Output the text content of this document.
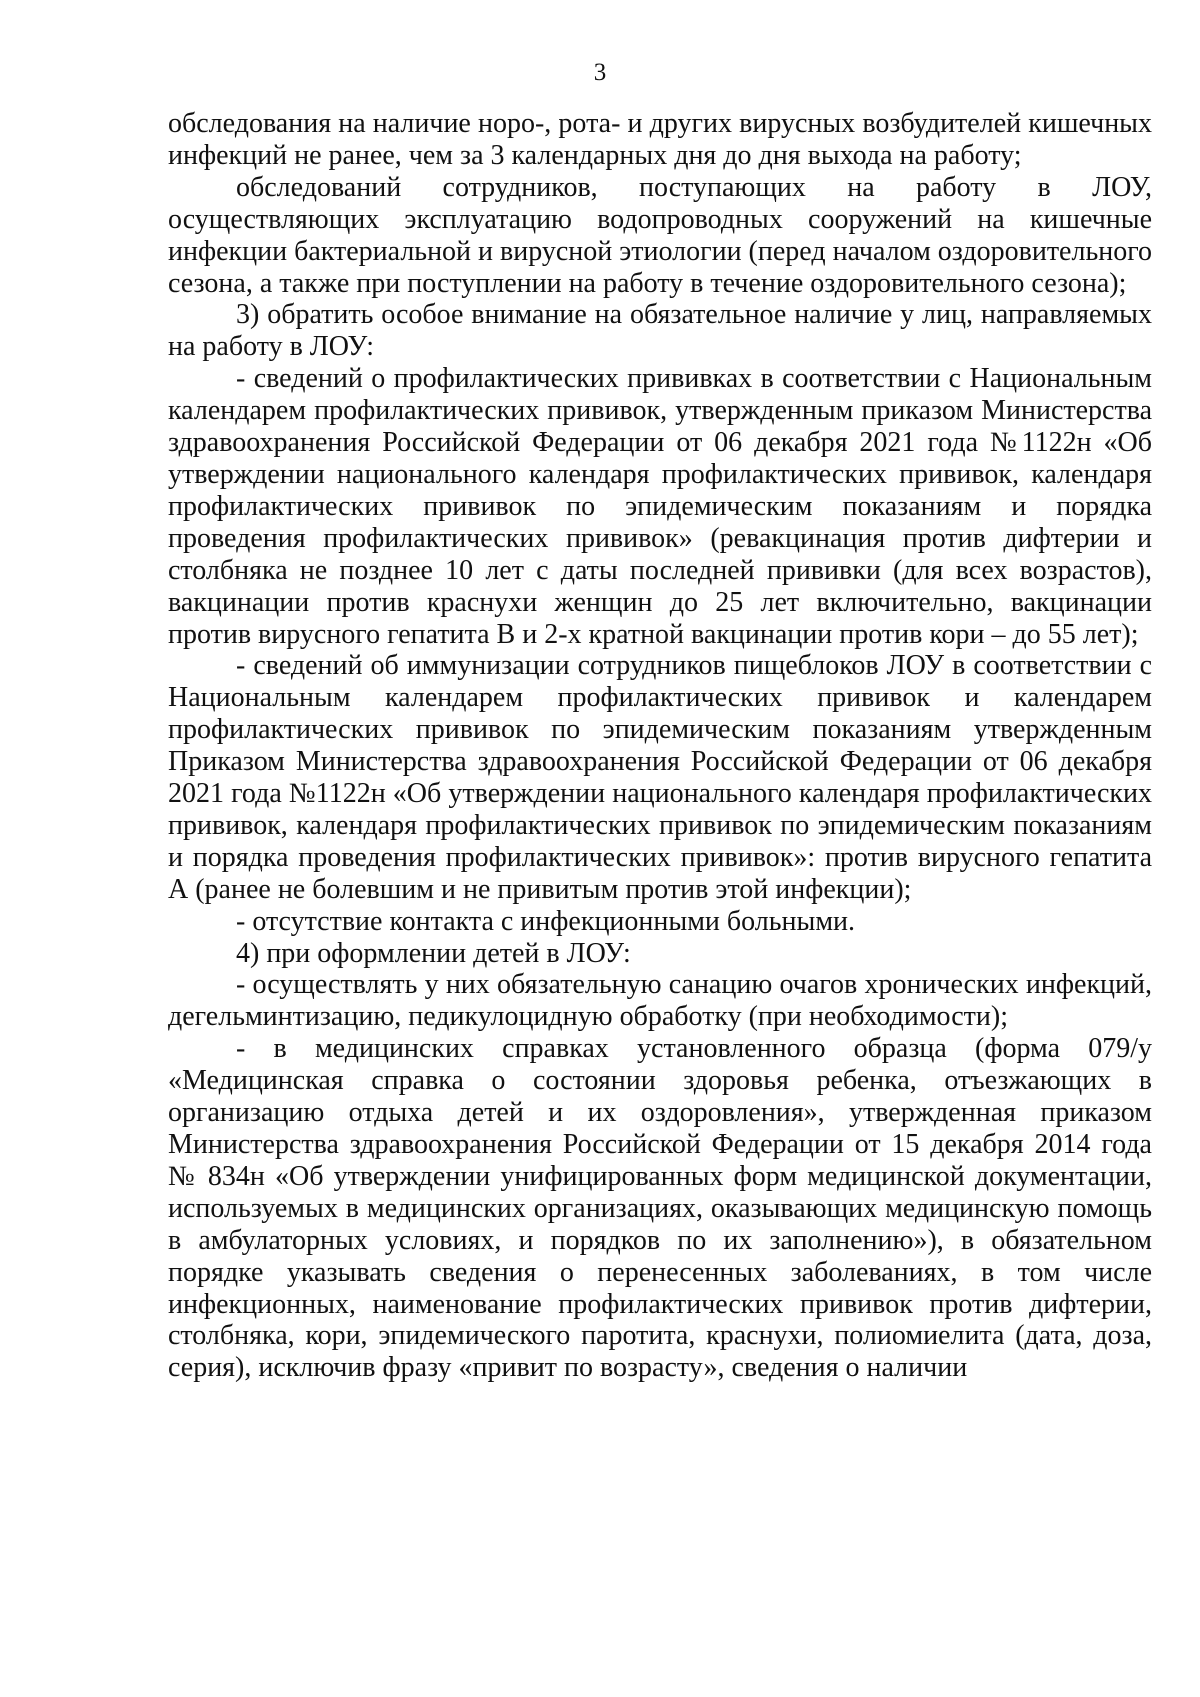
3

обследования на наличие норо-, рота- и других вирусных возбудителей кишечных инфекций не ранее, чем за 3 календарных дня до дня выхода на работу;

обследований сотрудников, поступающих на работу в ЛОУ, осуществляющих эксплуатацию водопроводных сооружений на кишечные инфекции бактериальной и вирусной этиологии (перед началом оздоровительного сезона, а также при поступлении на работу в течение оздоровительного сезона);

3) обратить особое внимание на обязательное наличие у лиц, направляемых на работу в ЛОУ:

- сведений о профилактических прививках в соответствии с Национальным календарем профилактических прививок, утвержденным приказом Министерства здравоохранения Российской Федерации от 06 декабря 2021 года №1122н «Об утверждении национального календаря профилактических прививок, календаря профилактических прививок по эпидемическим показаниям и порядка проведения профилактических прививок» (ревакцинация против дифтерии и столбняка не позднее 10 лет с даты последней прививки (для всех возрастов), вакцинации против краснухи женщин до 25 лет включительно, вакцинации против вирусного гепатита В и 2-х кратной вакцинации против кори – до 55 лет);

- сведений об иммунизации сотрудников пищеблоков ЛОУ в соответствии с Национальным календарем профилактических прививок и календарем профилактических прививок по эпидемическим показаниям утвержденным Приказом Министерства здравоохранения Российской Федерации от 06 декабря 2021 года №1122н «Об утверждении национального календаря профилактических прививок, календаря профилактических прививок по эпидемическим показаниям и порядка проведения профилактических прививок»: против вирусного гепатита А (ранее не болевшим и не привитым против этой инфекции);

- отсутствие контакта с инфекционными больными.

4) при оформлении детей в ЛОУ:

- осуществлять у них обязательную санацию очагов хронических инфекций, дегельминтизацию, педикулоцидную обработку (при необходимости);

- в медицинских справках установленного образца (форма 079/у «Медицинская справка о состоянии здоровья ребенка, отъезжающих в организацию отдыха детей и их оздоровления», утвержденная приказом Министерства здравоохранения Российской Федерации от 15 декабря 2014 года № 834н «Об утверждении унифицированных форм медицинской документации, используемых в медицинских организациях, оказывающих медицинскую помощь в амбулаторных условиях, и порядков по их заполнению»), в обязательном порядке указывать сведения о перенесенных заболеваниях, в том числе инфекционных, наименование профилактических прививок против дифтерии, столбняка, кори, эпидемического паротита, краснухи, полиомиелита (дата, доза, серия), исключив фразу «привит по возрасту», сведения о наличии
